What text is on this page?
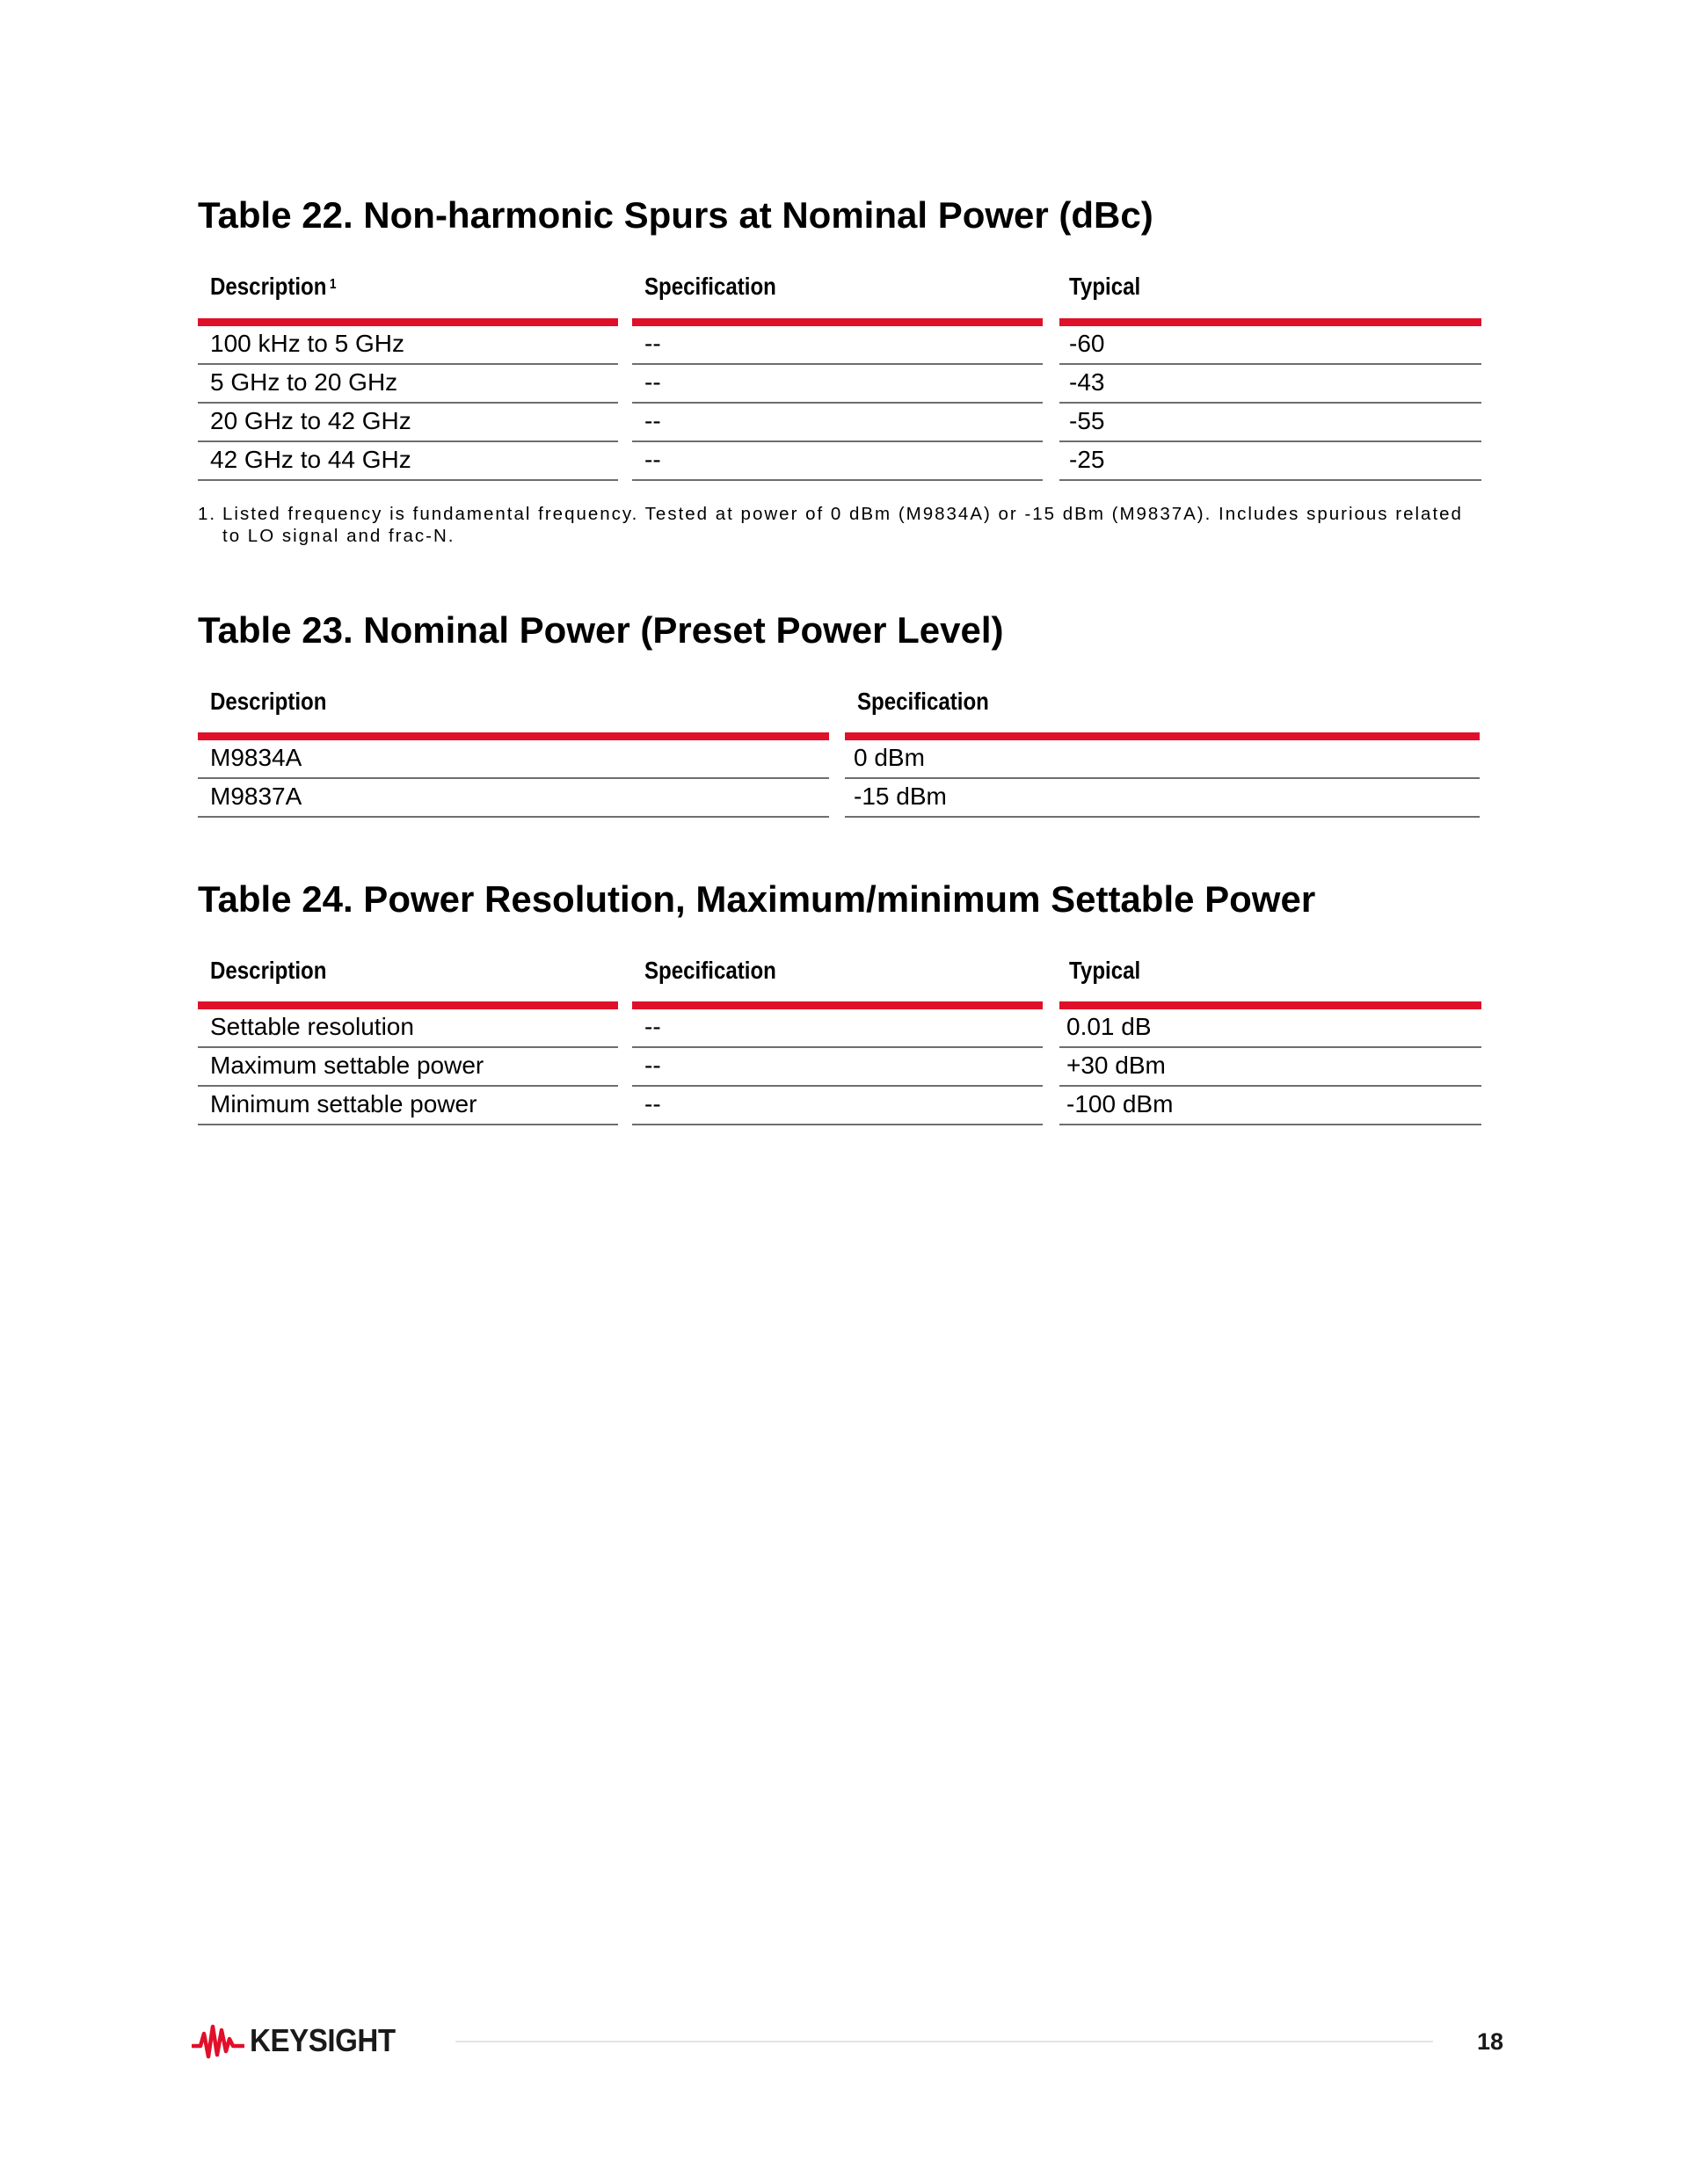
Table 22. Non-harmonic Spurs at Nominal Power (dBc)
Description $^1$
100 kHz to 5 GHz
5 GHz to 20 GHz
20 GHz to 42 GHz
42 GHz to 44 GHz
Specification
--
--
--
--
Typical
-60
-43
-55
-25
1. Listed frequency is fundamental frequency. Tested at power of 0 dBm (M9834A) or -15 dBm (M9837A). Includes spurious related to LO signal and frac-N.
Table 23. Nominal Power (Preset Power Level)
Description
M9834A
M9837A
Specification
0 dBm
-15 dBm
Table 24. Power Resolution, Maximum/minimum Settable Power
Description
Settable resolution
Maximum settable power
Minimum settable power
Specification
--
--
--
Typical
0.01 dB
+30 dBm
-100 dBm
KEYSIGHT	18
